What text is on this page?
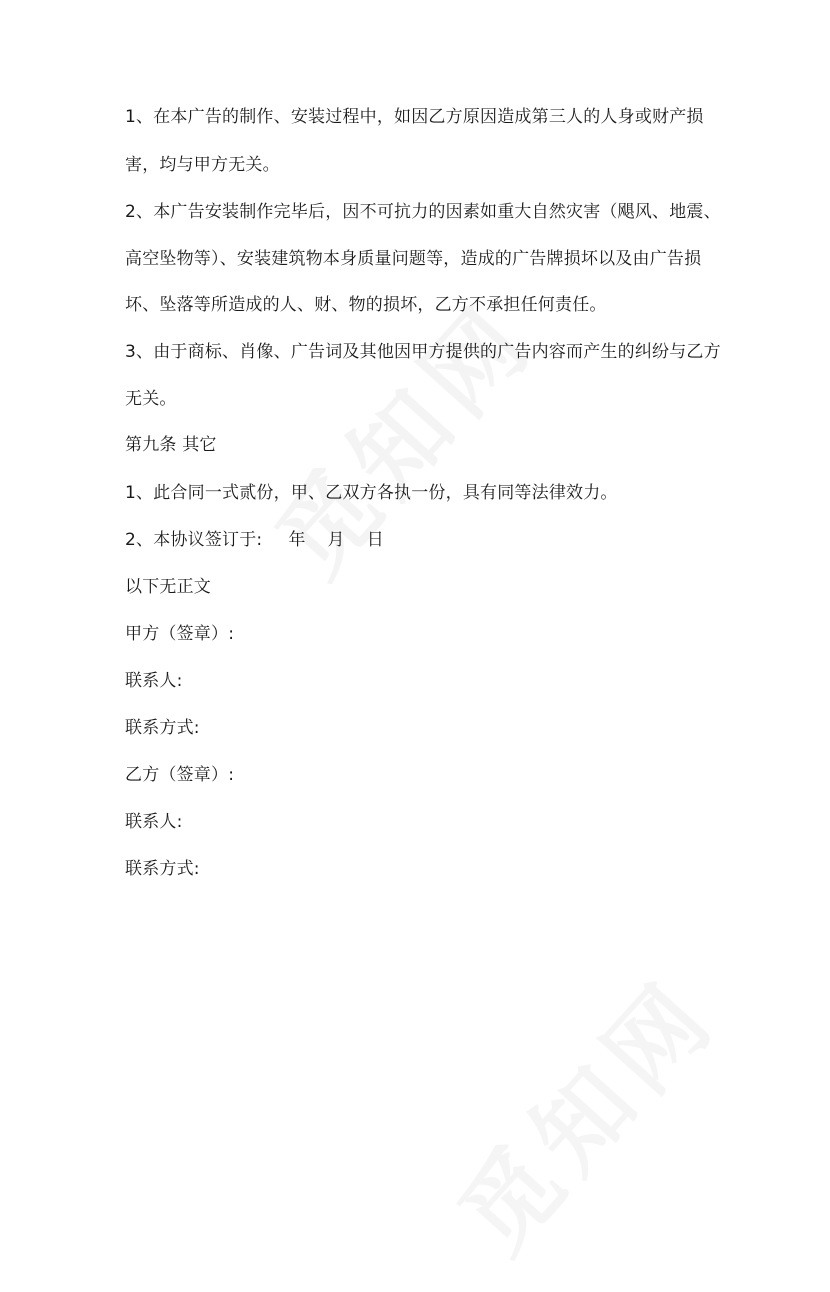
1、在本广告的制作、安装过程中，如因乙方原因造成第三人的人身或财产损
害，均与甲方无关。
2、本广告安装制作完毕后，因不可抗力的因素如重大自然灾害（飓风、地震、
高空坠物等）、安装建筑物本身质量问题等，造成的广告牌损坏以及由广告损
坏、坠落等所造成的人、财、物的损坏，乙方不承担任何责任。
3、由于商标、肖像、广告词及其他因甲方提供的广告内容而产生的纠纷与乙方
无关。
第九条 其它
1、此合同一式贰份，甲、乙双方各执一份，具有同等法律效力。
2、本协议签订于: 年 月 日
以下无正文
甲方（签章）:
联系人:
联系方式:
乙方（签章）:
联系人:
联系方式:
